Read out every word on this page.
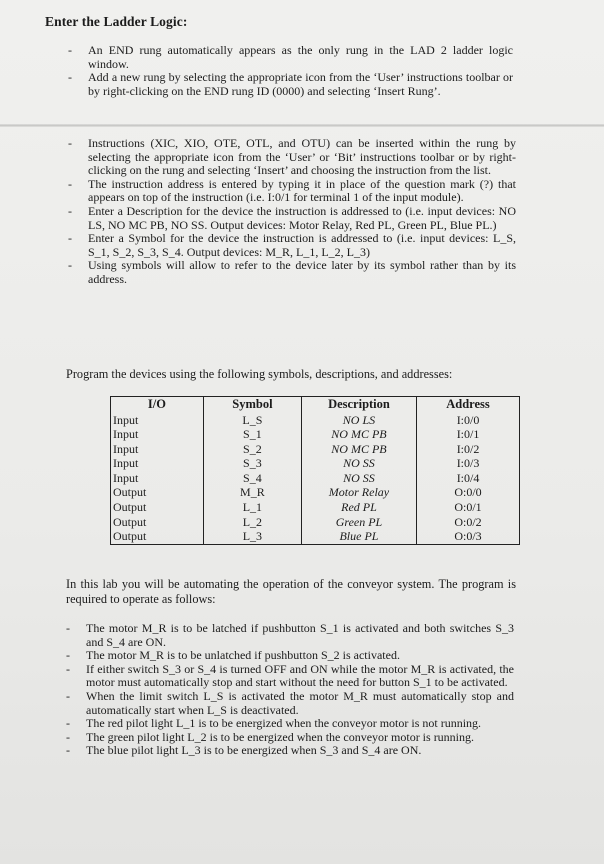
Enter the Ladder Logic:
- An END rung automatically appears as the only rung in the LAD 2 ladder logic window.
- Add a new rung by selecting the appropriate icon from the ‘User’ instructions toolbar or by right-clicking on the END rung ID (0000) and selecting ‘Insert Rung’.
- Instructions (XIC, XIO, OTE, OTL, and OTU) can be inserted within the rung by selecting the appropriate icon from the ‘User’ or ‘Bit’ instructions toolbar or by right-clicking on the rung and selecting ‘Insert’ and choosing the instruction from the list.
- The instruction address is entered by typing it in place of the question mark (?) that appears on top of the instruction (i.e. I:0/1 for terminal 1 of the input module).
- Enter a Description for the device the instruction is addressed to (i.e. input devices: NO LS, NO MC PB, NO SS. Output devices: Motor Relay, Red PL, Green PL, Blue PL.)
- Enter a Symbol for the device the instruction is addressed to (i.e. input devices: L_S, S_1, S_2, S_3, S_4. Output devices: M_R, L_1, L_2, L_3)
- Using symbols will allow to refer to the device later by its symbol rather than by its address.
Program the devices using the following symbols, descriptions, and addresses:
I/O	Symbol	Description	Address
Input	L_S	NO LS	I:0/0
Input	S_1	NO MC PB	I:0/1
Input	S_2	NO MC PB	I:0/2
Input	S_3	NO SS	I:0/3
Input	S_4	NO SS	I:0/4
Output	M_R	Motor Relay	O:0/0
Output	L_1	Red PL	O:0/1
Output	L_2	Green PL	O:0/2
Output	L_3	Blue PL	O:0/3
In this lab you will be automating the operation of the conveyor system. The program is required to operate as follows:
- The motor M_R is to be latched if pushbutton S_1 is activated and both switches S_3 and S_4 are ON.
- The motor M_R is to be unlatched if pushbutton S_2 is activated.
- If either switch S_3 or S_4 is turned OFF and ON while the motor M_R is activated, the motor must automatically stop and start without the need for button S_1 to be activated.
- When the limit switch L_S is activated the motor M_R must automatically stop and automatically start when L_S is deactivated.
- The red pilot light L_1 is to be energized when the conveyor motor is not running.
- The green pilot light L_2 is to be energized when the conveyor motor is running.
- The blue pilot light L_3 is to be energized when S_3 and S_4 are ON.
